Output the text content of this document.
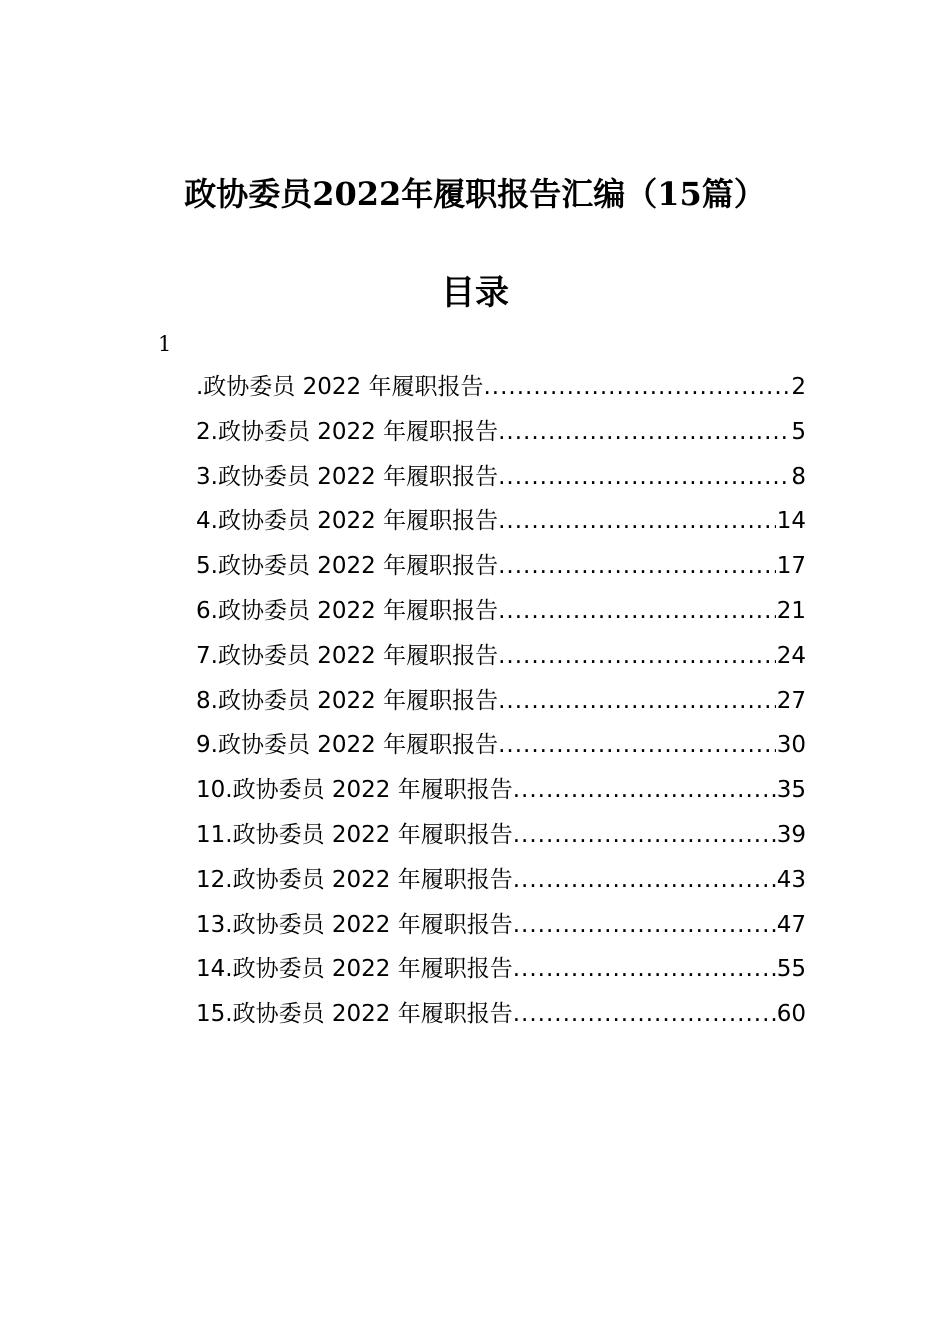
政协委员2022年履职报告汇编（15篇）
目录
1
.政协委员 2022 年履职报告 .....	2
2.政协委员 2022 年履职报告 .....	5
3.政协委员 2022 年履职报告 .....	8
4.政协委员 2022 年履职报告 .....	14
5.政协委员 2022 年履职报告 .....	17
6.政协委员 2022 年履职报告 .....	21
7.政协委员 2022 年履职报告 .....	24
8.政协委员 2022 年履职报告 .....	27
9.政协委员 2022 年履职报告 .....	30
10.政协委员 2022 年履职报告 .....	35
11.政协委员 2022 年履职报告 .....	39
12.政协委员 2022 年履职报告 .....	43
13.政协委员 2022 年履职报告 .....	47
14.政协委员 2022 年履职报告 .....	55
15.政协委员 2022 年履职报告 .....	60
